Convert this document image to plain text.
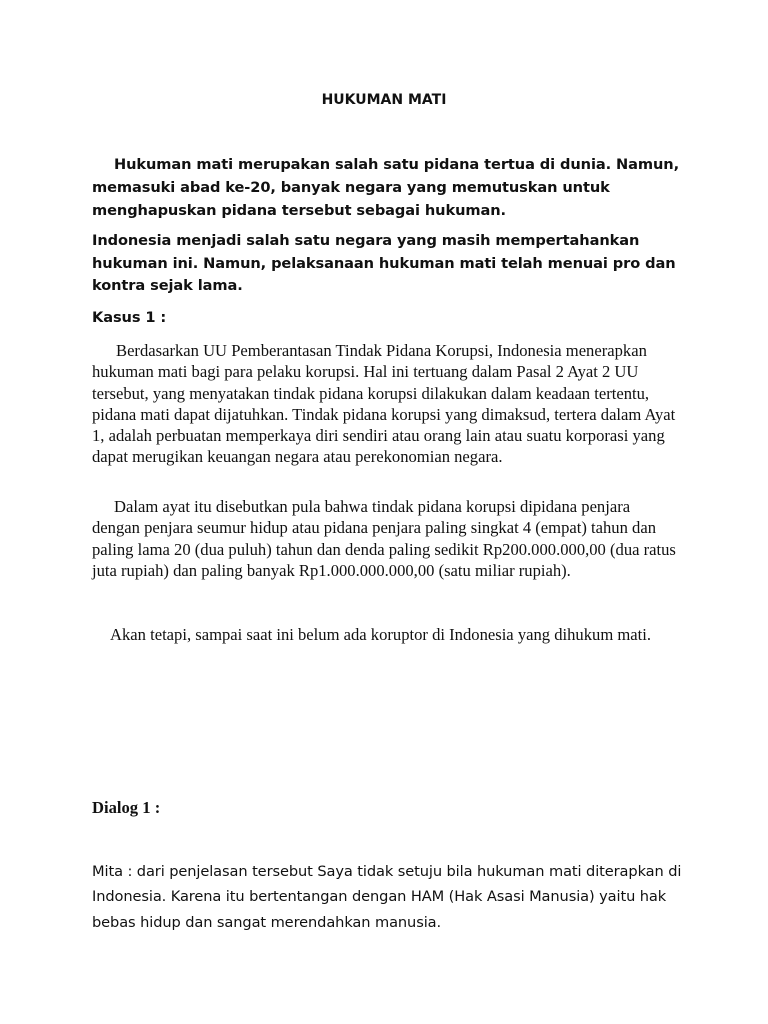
HUKUMAN MATI

Hukuman mati merupakan salah satu pidana tertua di dunia. Namun, memasuki abad ke-20, banyak negara yang memutuskan untuk menghapuskan pidana tersebut sebagai hukuman.

Indonesia menjadi salah satu negara yang masih mempertahankan hukuman ini. Namun, pelaksanaan hukuman mati telah menuai pro dan kontra sejak lama.

Kasus 1 :

Berdasarkan UU Pemberantasan Tindak Pidana Korupsi, Indonesia menerapkan hukuman mati bagi para pelaku korupsi. Hal ini tertuang dalam Pasal 2 Ayat 2 UU tersebut, yang menyatakan tindak pidana korupsi dilakukan dalam keadaan tertentu, pidana mati dapat dijatuhkan. Tindak pidana korupsi yang dimaksud, tertera dalam Ayat 1, adalah perbuatan memperkaya diri sendiri atau orang lain atau suatu korporasi yang dapat merugikan keuangan negara atau perekonomian negara.

Dalam ayat itu disebutkan pula bahwa tindak pidana korupsi dipidana penjara dengan penjara seumur hidup atau pidana penjara paling singkat 4 (empat) tahun dan paling lama 20 (dua puluh) tahun dan denda paling sedikit Rp200.000.000,00 (dua ratus juta rupiah) dan paling banyak Rp1.000.000.000,00 (satu miliar rupiah).

Akan tetapi, sampai saat ini belum ada koruptor di Indonesia yang dihukum mati.

Dialog 1 :

Mita : dari penjelasan tersebut Saya tidak setuju bila hukuman mati diterapkan di Indonesia. Karena itu bertentangan dengan HAM (Hak Asasi Manusia) yaitu hak bebas hidup dan sangat merendahkan manusia.
